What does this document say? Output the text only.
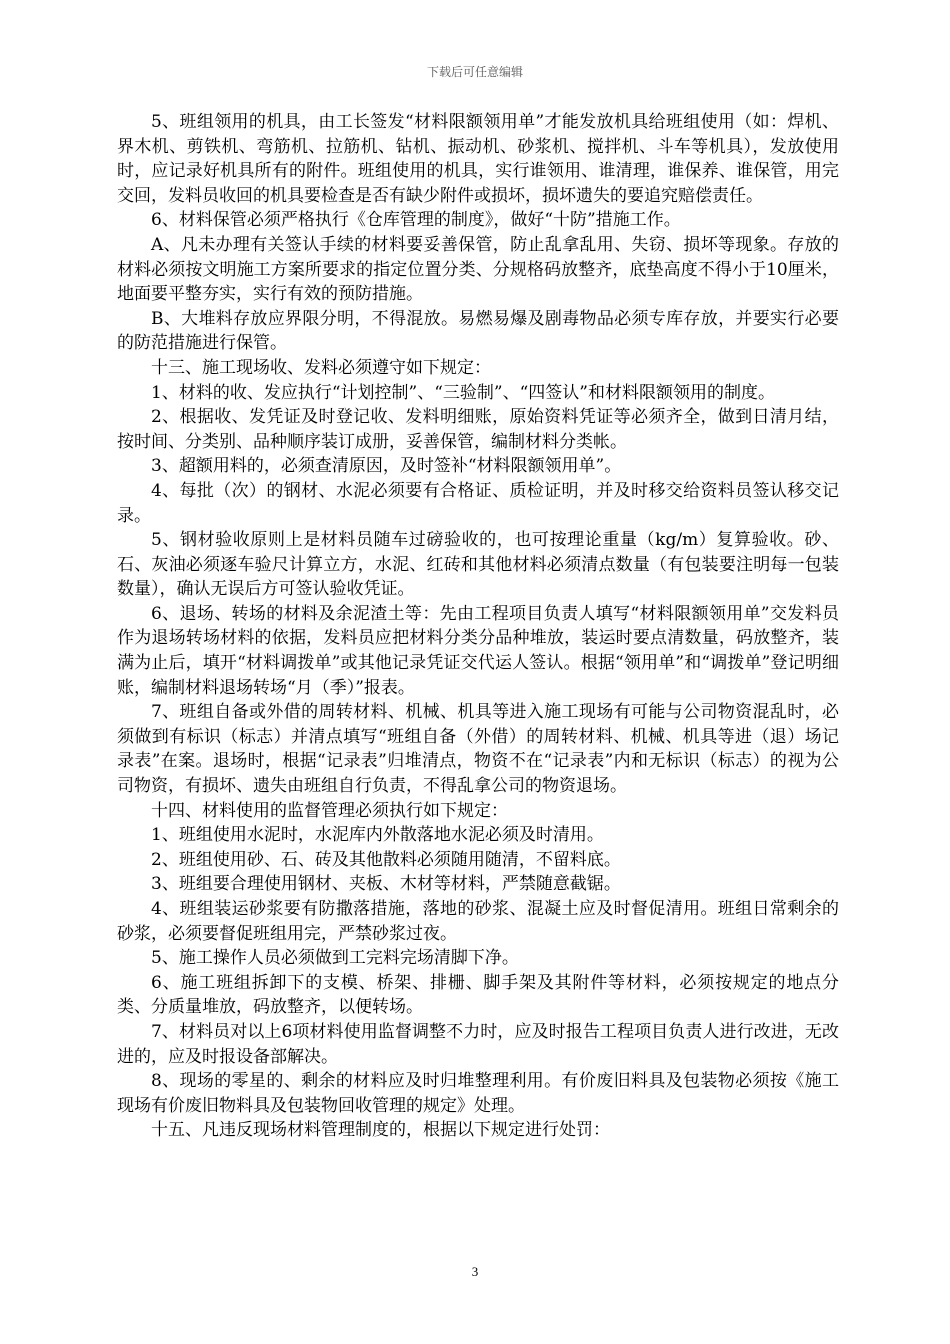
下载后可任意编辑

5、班组领用的机具，由工长签发“材料限额领用单”才能发放机具给班组使用（如：焊机、界木机、剪铁机、弯筋机、拉筋机、钻机、振动机、砂浆机、搅拌机、斗车等机具），发放使用时，应记录好机具所有的附件。班组使用的机具，实行谁领用、谁清理，谁保养、谁保管，用完交回，发料员收回的机具要检查是否有缺少附件或损坏，损坏遗失的要追究赔偿责任。

6、材料保管必须严格执行《仓库管理的制度》，做好“十防”措施工作。

A、凡未办理有关签认手续的材料要妥善保管，防止乱拿乱用、失窃、损坏等现象。存放的材料必须按文明施工方案所要求的指定位置分类、分规格码放整齐，底垫高度不得小于10厘米，地面要平整夯实，实行有效的预防措施。

B、大堆料存放应界限分明，不得混放。易燃易爆及剧毒物品必须专库存放，并要实行必要的防范措施进行保管。

十三、施工现场收、发料必须遵守如下规定：

1、材料的收、发应执行“计划控制”、“三验制”、“四签认”和材料限额领用的制度。

2、根据收、发凭证及时登记收、发料明细账，原始资料凭证等必须齐全，做到日清月结，按时间、分类别、品种顺序装订成册，妥善保管，编制材料分类帐。

3、超额用料的，必须查清原因，及时签补“材料限额领用单”。

4、每批（次）的钢材、水泥必须要有合格证、质检证明，并及时移交给资料员签认移交记录。

5、钢材验收原则上是材料员随车过磅验收的，也可按理论重量（kg/m）复算验收。砂、石、灰油必须逐车验尺计算立方，水泥、红砖和其他材料必须清点数量（有包装要注明每一包装数量），确认无误后方可签认验收凭证。

6、退场、转场的材料及余泥渣土等：先由工程项目负责人填写“材料限额领用单”交发料员作为退场转场材料的依据，发料员应把材料分类分品种堆放，装运时要点清数量，码放整齐，装满为止后，填开“材料调拨单”或其他记录凭证交代运人签认。根据“领用单”和“调拨单”登记明细账，编制材料退场转场“月（季）”报表。

7、班组自备或外借的周转材料、机械、机具等进入施工现场有可能与公司物资混乱时，必须做到有标识（标志）并清点填写“班组自备（外借）的周转材料、机械、机具等进（退）场记录表”在案。退场时，根据“记录表”归堆清点，物资不在“记录表”内和无标识（标志）的视为公司物资，有损坏、遗失由班组自行负责，不得乱拿公司的物资退场。

十四、材料使用的监督管理必须执行如下规定：

1、班组使用水泥时，水泥库内外散落地水泥必须及时清用。

2、班组使用砂、石、砖及其他散料必须随用随清，不留料底。

3、班组要合理使用钢材、夹板、木材等材料，严禁随意截锯。

4、班组装运砂浆要有防撒落措施，落地的砂浆、混凝土应及时督促清用。班组日常剩余的砂浆，必须要督促班组用完，严禁砂浆过夜。

5、施工操作人员必须做到工完料完场清脚下净。

6、施工班组拆卸下的支模、桥架、排栅、脚手架及其附件等材料，必须按规定的地点分类、分质量堆放，码放整齐，以便转场。

7、材料员对以上6项材料使用监督调整不力时，应及时报告工程项目负责人进行改进，无改进的，应及时报设备部解决。

8、现场的零星的、剩余的材料应及时归堆整理利用。有价废旧料具及包装物必须按《施工现场有价废旧物料具及包装物回收管理的规定》处理。

十五、凡违反现场材料管理制度的，根据以下规定进行处罚：

3
